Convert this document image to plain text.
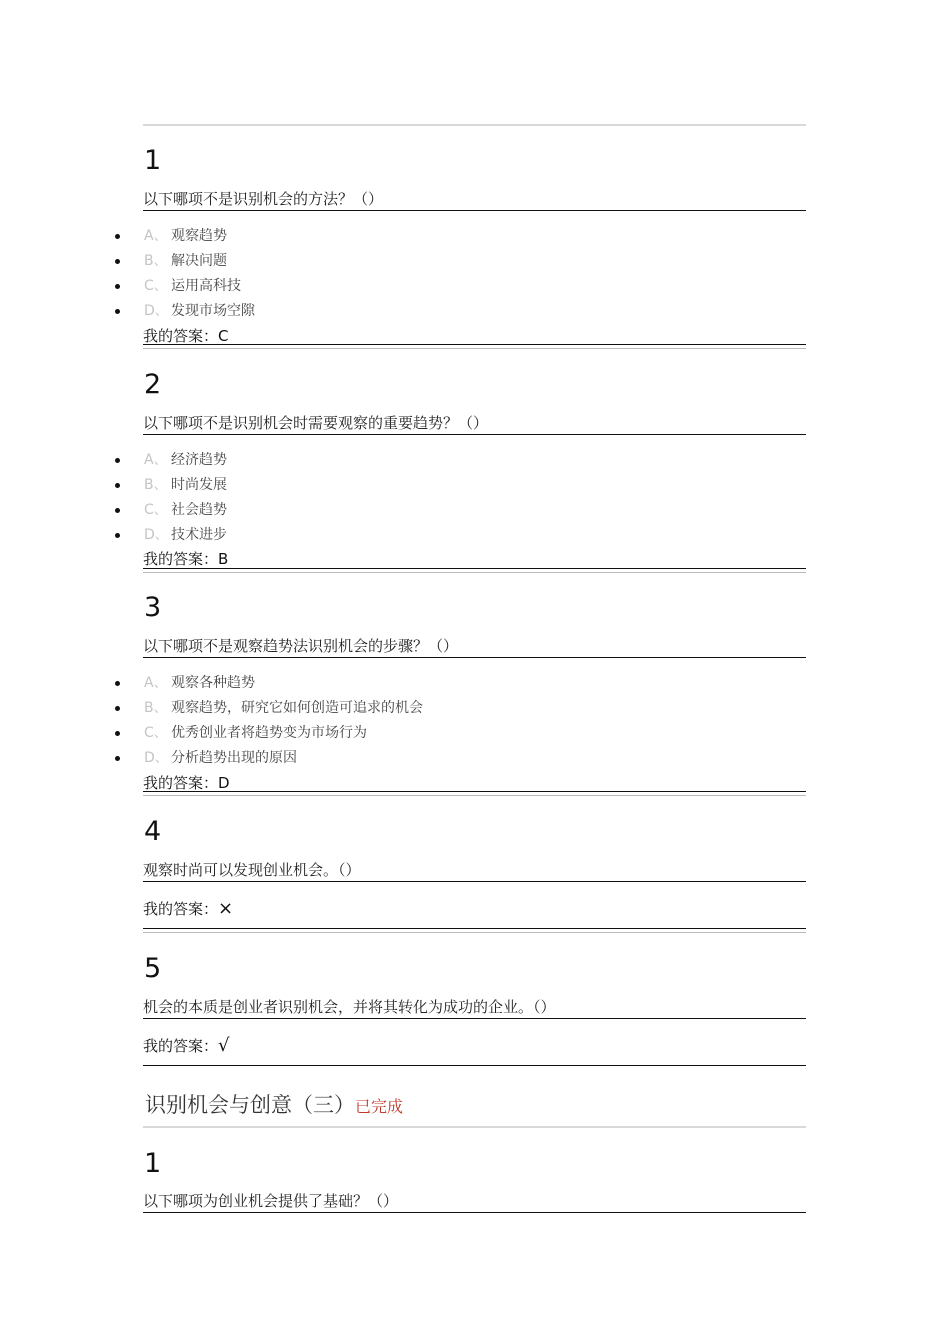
1
以下哪项不是识别机会的方法？（）
A、 观察趋势
B、 解决问题
C、 运用高科技
D、 发现市场空隙
我的答案：C
2
以下哪项不是识别机会时需要观察的重要趋势？（）
A、 经济趋势
B、 时尚发展
C、 社会趋势
D、 技术进步
我的答案：B
3
以下哪项不是观察趋势法识别机会的步骤？（）
A、 观察各种趋势
B、 观察趋势，研究它如何创造可追求的机会
C、 优秀创业者将趋势变为市场行为
D、 分析趋势出现的原因
我的答案：D
4
观察时尚可以发现创业机会。（）
我的答案：×
5
机会的本质是创业者识别机会，并将其转化为成功的企业。（）
我的答案：√
识别机会与创意（三）已完成
1
以下哪项为创业机会提供了基础？（）
